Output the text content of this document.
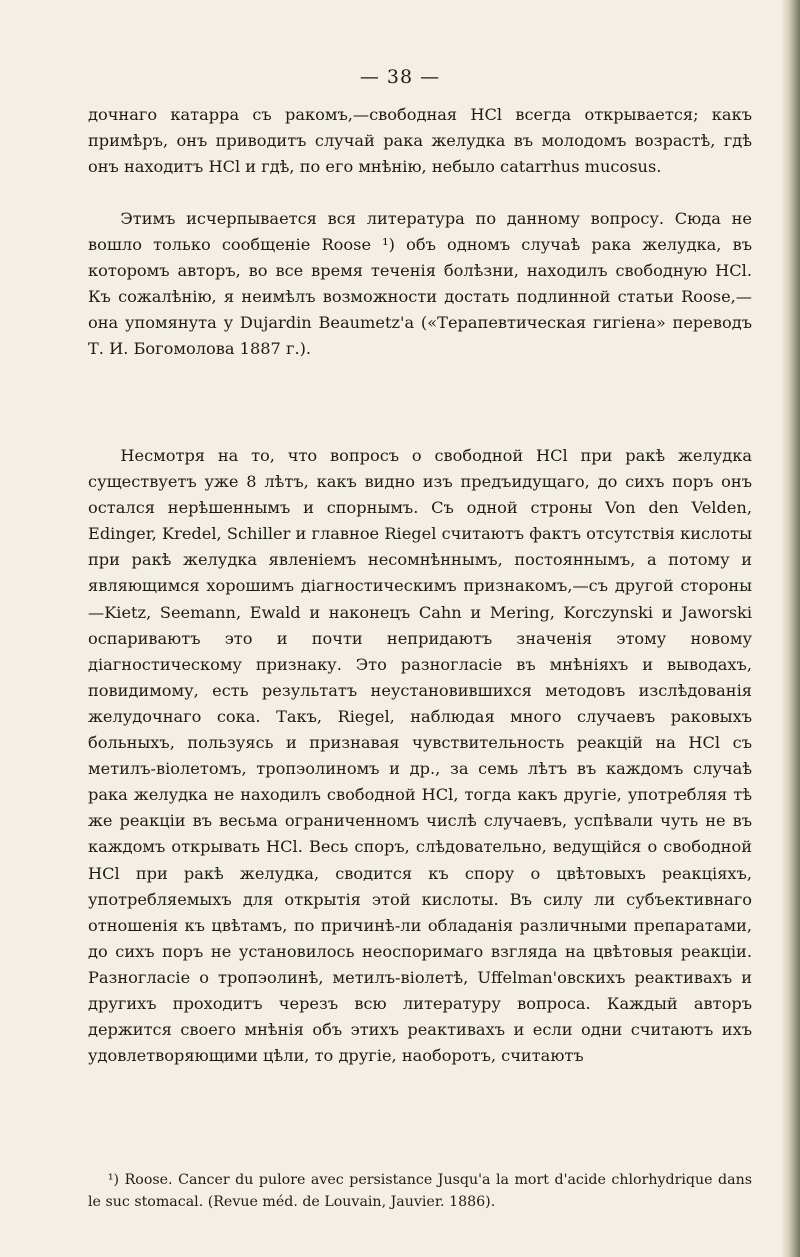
— 38 —

дочнаго катарра съ ракомъ,—свободная HCl всегда открывается; какъ примѣръ, онъ приводитъ случай рака желудка въ молодомъ возрастѣ, гдѣ онъ находитъ HCl и гдѣ, по его мнѣнію, небыло catarrhus mucosus.

Этимъ исчерпывается вся литература по данному вопросу. Сюда не вошло только сообщеніе Roose ¹) объ одномъ случаѣ рака желудка, въ которомъ авторъ, во все время теченія болѣзни, находилъ свободную HCl. Къ сожалѣнію, я неимѣлъ возможности достать подлинной статьи Roose,—она упомянута у Dujardin Beaumetz'а («Терапевтическая гигіена» переводъ Т. И. Богомолова 1887 г.).

Несмотря на то, что вопросъ о свободной HCl при ракѣ желудка существуетъ уже 8 лѣтъ, какъ видно изъ предъидущаго, до сихъ поръ онъ остался нерѣшеннымъ и спорнымъ. Съ одной строны Von den Velden, Edinger, Kredel, Schiller и главное Riegel считаютъ фактъ отсутствія кислоты при ракѣ желудка явленіемъ несомнѣннымъ, постояннымъ, а потому и являющимся хорошимъ діагностическимъ признакомъ,—съ другой стороны—Kietz, Seemann, Ewald и наконецъ Cahn и Mering, Korczynski и Jaworski оспариваютъ это и почти непридаютъ значенія этому новому діагностическому признаку. Это разногласіе въ мнѣніяхъ и выводахъ, повидимому, есть результатъ неустановившихся методовъ изслѣдованія желудочнаго сока. Такъ, Riegel, наблюдая много случаевъ раковыхъ больныхъ, пользуясь и признавая чувствительность реакцій на HCl съ метилъ-віолетомъ, тропэолиномъ и др., за семь лѣтъ въ каждомъ случаѣ рака желудка не находилъ свободной HCl, тогда какъ другіе, употребляя тѣ же реакціи въ весьма ограниченномъ числѣ случаевъ, успѣвали чуть не въ каждомъ открывать HCl. Весь споръ, слѣдовательно, ведущійся о свободной HCl при ракѣ желудка, сводится къ спору о цвѣтовыхъ реакціяхъ, употребляемыхъ для открытія этой кислоты. Въ силу ли субъективнаго отношенія къ цвѣтамъ, по причинѣ-ли обладанія различными препаратами, до сихъ поръ не установилось неоспоримаго взгляда на цвѣтовыя реакціи. Разногласіе о тропэолинѣ, метилъ-віолетѣ, Uffelman'овскихъ реактивахъ и другихъ проходитъ черезъ всю литературу вопроса. Каждый авторъ держится своего мнѣнія объ этихъ реактивахъ и если одни считаютъ ихъ удовлетворяющими цѣли, то другіе, наоборотъ, считаютъ

¹) Roose. Cancer du pulore avec persistance Jusqu'a la mort d'acide chlorhydrique dans le suc stomacal. (Revue méd. de Louvain, Jauvier. 1886).
